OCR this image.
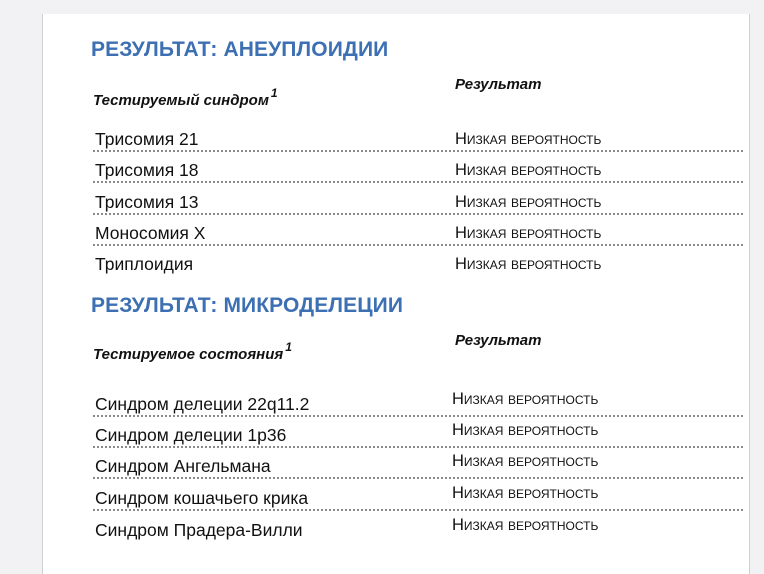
РЕЗУЛЬТАТ: АНЕУПЛОИДИИ
Тестируемый синдром $^1$	Результат
Трисомия 21	Низкая вероятность
Трисомия 18	Низкая вероятность
Трисомия 13	Низкая вероятность
Моносомия X	Низкая вероятность
Триплоидия	Низкая вероятность
РЕЗУЛЬТАТ: МИКРОДЕЛЕЦИИ
Тестируемое состояния $^1$	Результат
Синдром делеции 22q11.2	Низкая вероятность
Синдром делеции 1p36	Низкая вероятность
Синдром Ангельмана	Низкая вероятность
Синдром кошачьего крика	Низкая вероятность
Синдром Прадера-Вилли	Низкая вероятность
